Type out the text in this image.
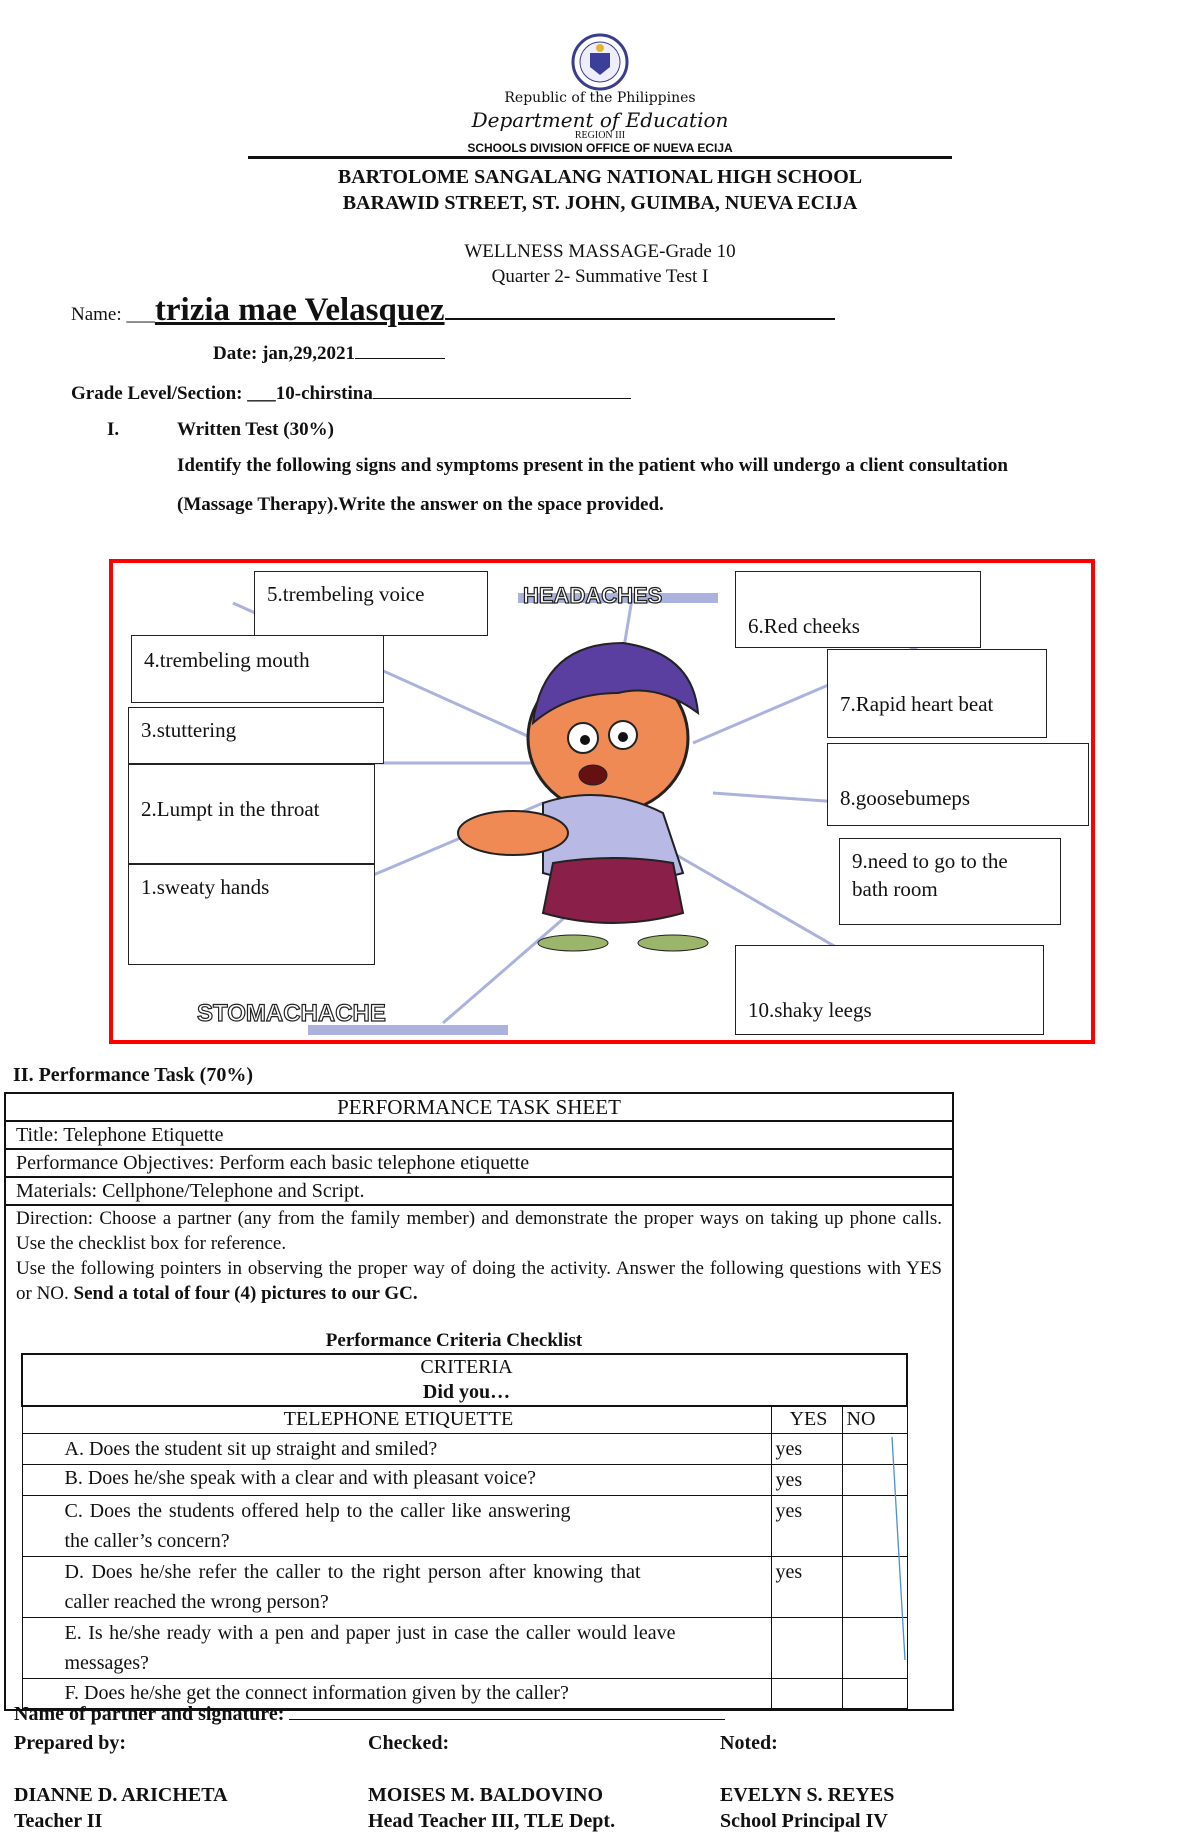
Republic of the Philippines
Department of Education
REGION III
SCHOOLS DIVISION OFFICE OF NUEVA ECIJA
BARTOLOME SANGALANG NATIONAL HIGH SCHOOL
BARAWID STREET, ST. JOHN, GUIMBA, NUEVA ECIJA
WELLNESS MASSAGE-Grade 10
Quarter 2- Summative Test I
Name: ___trizia mae Velasquez
Date: jan,29,2021
Grade Level/Section: ___10-chirstina
I.	Written Test (30%)
Identify the following signs and symptoms present in the patient who will undergo a client consultation
(Massage Therapy).Write the answer on the space provided.
HEADACHES
STOMACHACHE
5.trembeling voice
4.trembeling mouth
3.stuttering
2.Lumpt in the throat
1.sweaty hands
6.Red cheeks
7.Rapid heart beat
8.goosebumeps
9.need to go to the bath room
10.shaky leegs
II. Performance Task (70%)
PERFORMANCE TASK SHEET
Title: Telephone Etiquette
Performance Objectives: Perform each basic telephone etiquette
Materials: Cellphone/Telephone and Script.

Direction: Choose a partner (any from the family member) and demonstrate the proper ways on taking up phone calls. Use the checklist box for reference.
Use the following pointers in observing the proper way of doing the activity. Answer the following questions with YES or NO. Send a total of four (4) pictures to our GC.
Performance Criteria Checklist
CRITERIA
Did you…

TELEPHONE ETIQUETTE	YES	NO
A. Does the student sit up straight and smiled?	yes	
B. Does he/she speak with a clear and with pleasant voice?	yes	
C. Does the students offered help to the caller like answering the caller’s concern?	yes	
D. Does he/she refer the caller to the right person after knowing that caller reached the wrong person?	yes	
E. Is he/she ready with a pen and paper just in case the caller would leave messages?		
F. Does he/she get the connect information given by the caller?		
Name of partner and signature:
Prepared by:	Checked:	Noted:
DIANNE D. ARICHETA
Teacher II
MOISES M. BALDOVINO
Head Teacher III, TLE Dept.
EVELYN S. REYES
School Principal IV
